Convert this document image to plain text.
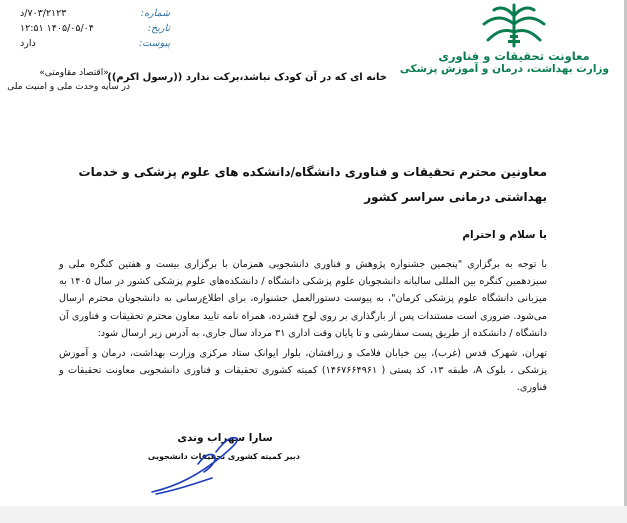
معاونت تحقیقات و فناوری
وزارت بهداشت، درمان و آموزش پزشکی
شماره:
۷۰۳/۲۱۲۳/د
تاریخ:
۱۴۰۵/۰۵/۰۴ ۱۲:۵۱
پیوست:
دارد
خانه ای که در آن کودک نباشد،برکت ندارد ((رسول اکرم))
«اقتصاد مقاومتی»
در سایه وحدت ملی و امنیت ملی
معاونین محترم تحقیقات و فناوری دانشگاه/دانشکده های علوم پزشکی و خدمات بهداشتی درمانی سراسر کشور
با سلام و احترام

با توجه به برگزاری "پنجمین جشنواره پژوهش و فناوری دانشجویی همزمان با برگزاری بیست و هفتین کنگره ملی و سیزدهمین کنگره بین المللی سالیانه دانشجویان علوم پزشکی دانشگاه / دانشکده‌های علوم پزشکی کشور در سال ۱۴۰۵ به میزبانی دانشگاه علوم پزشکی کرمان"، به پیوست دستورالعمل جشنواره، برای اطلاع‌رسانی به دانشجویان محترم ارسال می‌شود. ضروری است مستندات پس از بارگذاری بر روی لوح فشرده، همراه نامه تایید معاون محترم تحقیقات و فناوری آن دانشگاه / دانشکده از طریق پست سفارشی و تا پایان وقت اداری ۳۱ مرداد سال جاری، به آدرس زیر ارسال شود:

تهران، شهرک قدس (غرب)، بین خیابان فلامک و زرافشان، بلوار ایوانک ستاد مرکزی وزارت بهداشت، درمان و آموزش پزشکی ، بلوک A، طبقه ۱۳، کد پستی ( ۱۴۶۷۶۶۴۹۶۱) کمیته کشوری تحقیقات و فناوری دانشجویی معاونت تحقیقات و فناوری.

سارا سهراب وندی
دبیر کمیته کشوری تحقیقات دانشجویی
